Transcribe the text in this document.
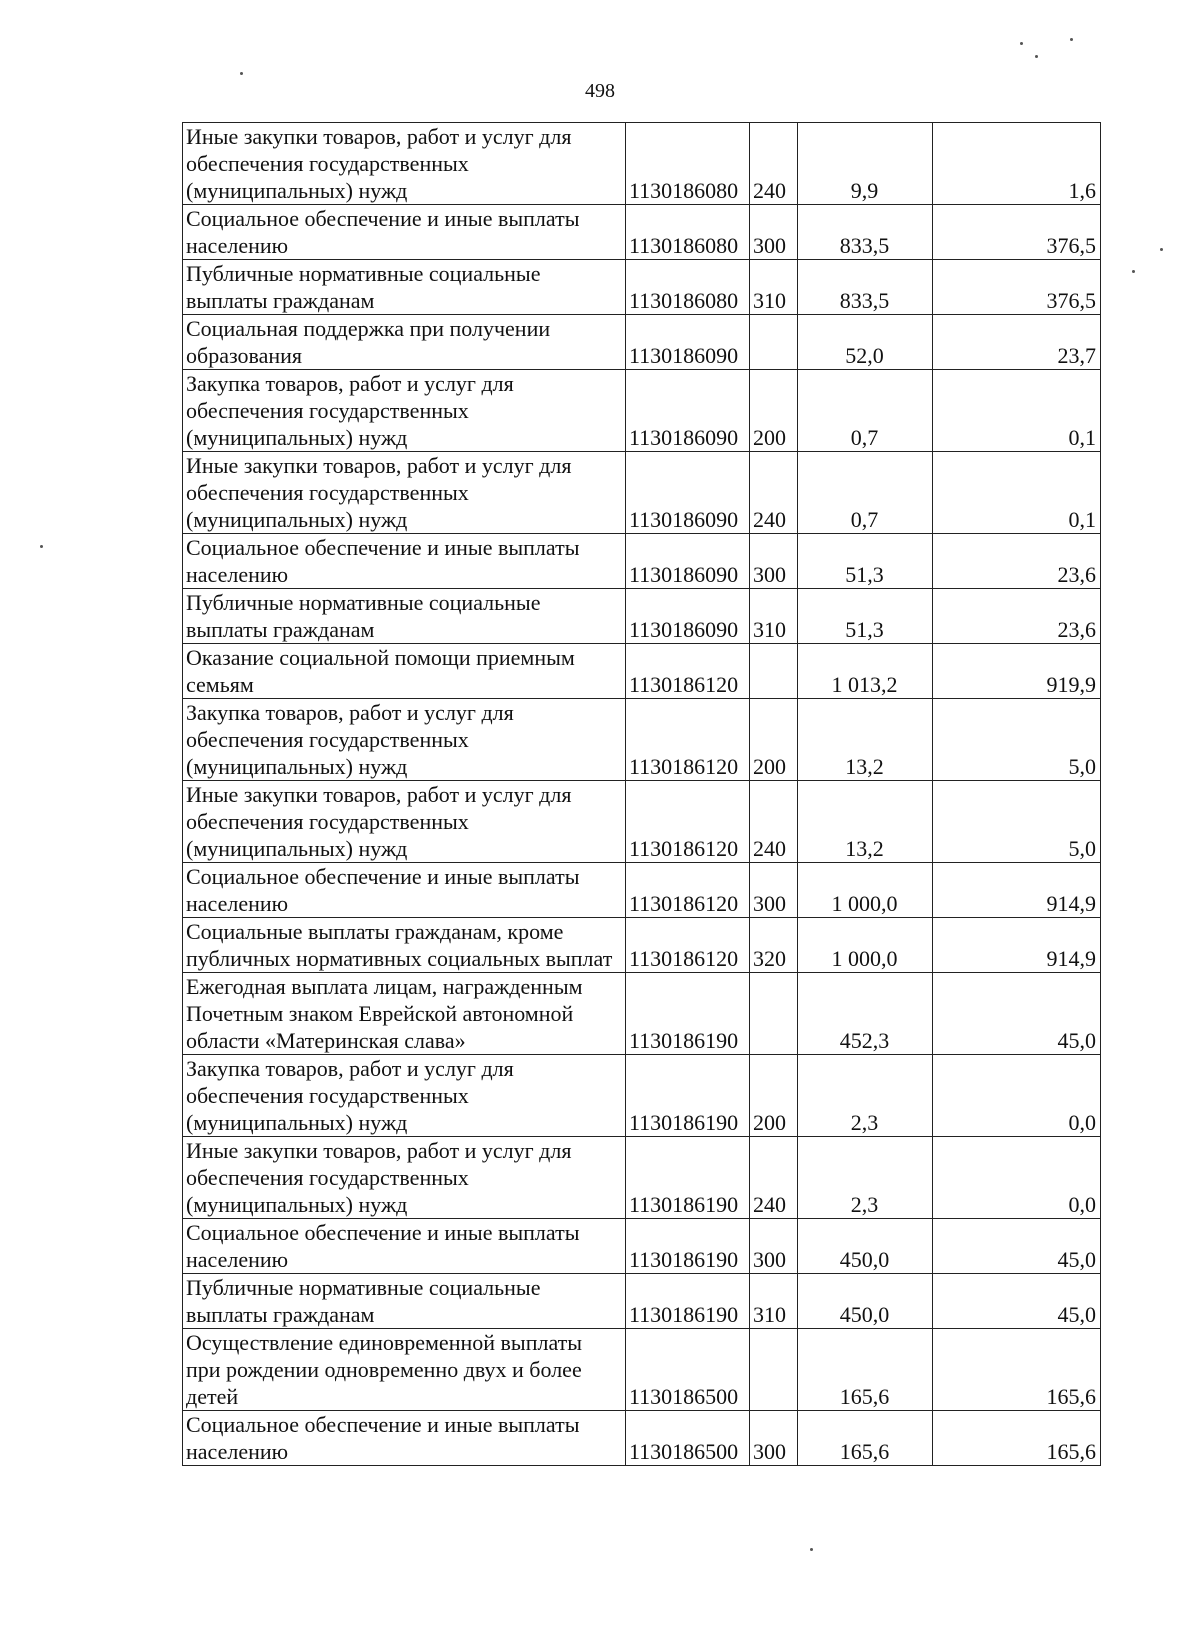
498
Иные закупки товаров, работ и услуг для обеспечения государственных (муниципальных) нужд	1130186080	240	9,9	1,6
Социальное обеспечение и иные выплаты населению	1130186080	300	833,5	376,5
Публичные нормативные социальные выплаты гражданам	1130186080	310	833,5	376,5
Социальная поддержка при получении образования	1130186090		52,0	23,7
Закупка товаров, работ и услуг для обеспечения государственных (муниципальных) нужд	1130186090	200	0,7	0,1
Иные закупки товаров, работ и услуг для обеспечения государственных (муниципальных) нужд	1130186090	240	0,7	0,1
Социальное обеспечение и иные выплаты населению	1130186090	300	51,3	23,6
Публичные нормативные социальные выплаты гражданам	1130186090	310	51,3	23,6
Оказание социальной помощи приемным семьям	1130186120		1 013,2	919,9
Закупка товаров, работ и услуг для обеспечения государственных (муниципальных) нужд	1130186120	200	13,2	5,0
Иные закупки товаров, работ и услуг для обеспечения государственных (муниципальных) нужд	1130186120	240	13,2	5,0
Социальное обеспечение и иные выплаты населению	1130186120	300	1 000,0	914,9
Социальные выплаты гражданам, кроме публичных нормативных социальных выплат	1130186120	320	1 000,0	914,9
Ежегодная выплата лицам, награжденным Почетным знаком Еврейской автономной области «Материнская слава»	1130186190		452,3	45,0
Закупка товаров, работ и услуг для обеспечения государственных (муниципальных) нужд	1130186190	200	2,3	0,0
Иные закупки товаров, работ и услуг для обеспечения государственных (муниципальных) нужд	1130186190	240	2,3	0,0
Социальное обеспечение и иные выплаты населению	1130186190	300	450,0	45,0
Публичные нормативные социальные выплаты гражданам	1130186190	310	450,0	45,0
Осуществление единовременной выплаты при рождении одновременно двух и более детей	1130186500		165,6	165,6
Социальное обеспечение и иные выплаты населению	1130186500	300	165,6	165,6
